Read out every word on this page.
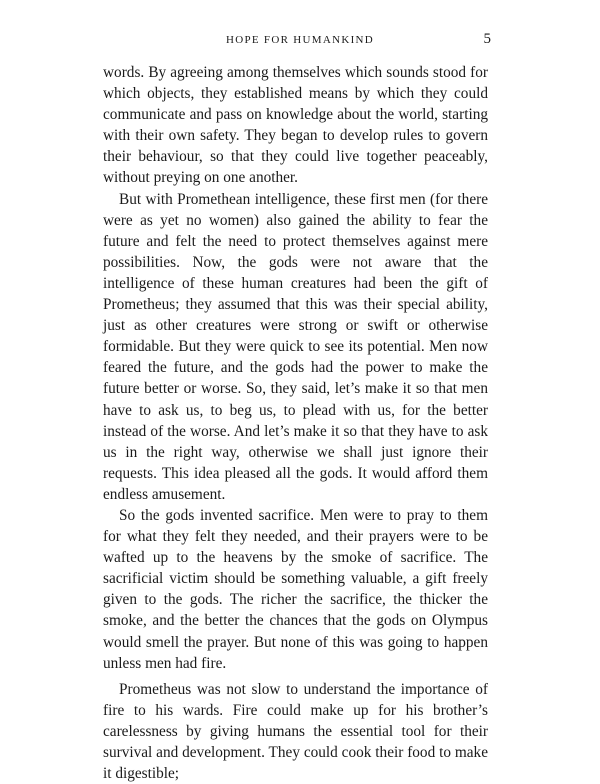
HOPE FOR HUMANKIND	5

words. By agreeing among themselves which sounds stood for which objects, they established means by which they could communicate and pass on knowledge about the world, starting with their own safety. They began to develop rules to govern their behaviour, so that they could live together peaceably, without preying on one another.

But with Promethean intelligence, these first men (for there were as yet no women) also gained the ability to fear the future and felt the need to protect themselves against mere possibilities. Now, the gods were not aware that the intelligence of these human creatures had been the gift of Prometheus; they assumed that this was their special ability, just as other creatures were strong or swift or otherwise formidable. But they were quick to see its potential. Men now feared the future, and the gods had the power to make the future better or worse. So, they said, let’s make it so that men have to ask us, to beg us, to plead with us, for the better instead of the worse. And let’s make it so that they have to ask us in the right way, otherwise we shall just ignore their requests. This idea pleased all the gods. It would afford them endless amusement.

So the gods invented sacrifice. Men were to pray to them for what they felt they needed, and their prayers were to be wafted up to the heavens by the smoke of sacrifice. The sacrificial victim should be something valuable, a gift freely given to the gods. The richer the sacrifice, the thicker the smoke, and the better the chances that the gods on Olympus would smell the prayer. But none of this was going to happen unless men had fire.

Prometheus was not slow to understand the importance of fire to his wards. Fire could make up for his brother’s carelessness by giving humans the essential tool for their survival and development. They could cook their food to make it digestible;
